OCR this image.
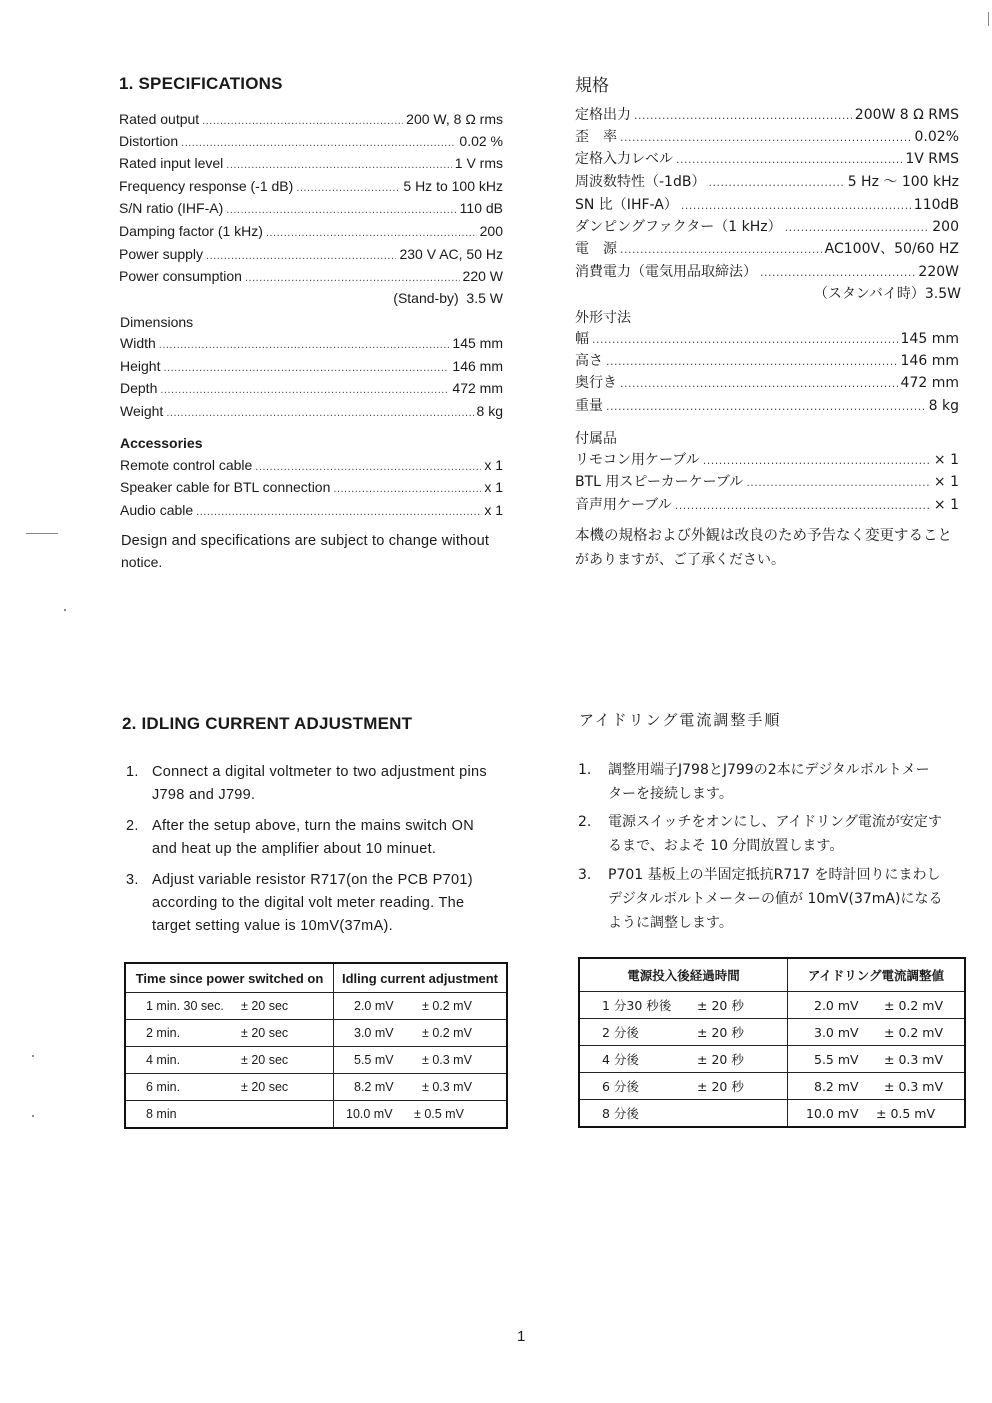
1. SPECIFICATIONS
Rated output .....	200 W, 8 Ω rms
Distortion .....	0.02 %
Rated input level .....	1 V rms
Frequency response (-1 dB) .....	5 Hz to 100 kHz
S/N ratio (IHF-A) .....	110 dB
Damping factor (1 kHz) .....	200
Power supply .....	230 V AC, 50 Hz
Power consumption .....	220 W
(Stand-by)  3.5 W
Dimensions
Width .....	145 mm
Height .....	146 mm
Depth .....	472 mm
Weight .....	8 kg
Accessories
Remote control cable .....	x 1
Speaker cable for BTL connection .....	x 1
Audio cable .....	x 1
Design and specifications are subject to change without
notice.
規格
定格出力 .....	200W 8 Ω RMS
歪　率 .....	0.02%
定格入力レベル .....	1V RMS
周波数特性（-1dB） .....	5 Hz ～ 100 kHz
SN 比（IHF-A） .....	110dB
ダンピングファクター（1 kHz） .....	200
電　源 .....	AC100V、50/60 HZ
消費電力（電気用品取締法） .....	220W
（スタンバイ時）3.5W
外形寸法
幅 .....	145 mm
高さ .....	146 mm
奥行き .....	472 mm
重量 .....	8 kg
付属品
リモコン用ケーブル .....	× 1
BTL 用スピーカーケーブル .....	× 1
音声用ケーブル .....	× 1
本機の規格および外観は改良のため予告なく変更すること
がありますが、ご了承ください。
2. IDLING CURRENT ADJUSTMENT
1. Connect a digital voltmeter to two adjustment pins
J798 and J799.
2. After the setup above, turn the mains switch ON
and heat up the amplifier about 10 minuet.
3. Adjust variable resistor R717(on the PCB P701)
according to the digital volt meter reading. The
target setting value is 10mV(37mA).
Time since power switched on	Idling current adjustment

1 min. 30 sec. ± 20 sec	2.0 mV ± 0.2 mV

2 min. ± 20 sec	3.0 mV ± 0.2 mV

4 min. ± 20 sec	5.5 mV ± 0.3 mV

6 min. ± 20 sec	8.2 mV ± 0.3 mV

8 min	10.0 mV ± 0.5 mV
アイドリング電流調整手順
1. 調整用端子J798とJ799の2本にデジタルボルトメー
ターを接続します。
2. 電源スイッチをオンにし、アイドリング電流が安定す
るまで、およそ 10 分間放置します。
3. P701 基板上の半固定抵抗R717 を時計回りにまわし
デジタルボルトメーターの値が 10mV(37mA)になる
ように調整します。
電源投入後経過時間	アイドリング電流調整値

1 分30 秒後 ± 20 秒	2.0 mV ± 0.2 mV

2 分後 ± 20 秒	3.0 mV ± 0.2 mV

4 分後 ± 20 秒	5.5 mV ± 0.3 mV

6 分後 ± 20 秒	8.2 mV ± 0.3 mV

8 分後	10.0 mV ± 0.5 mV
1
